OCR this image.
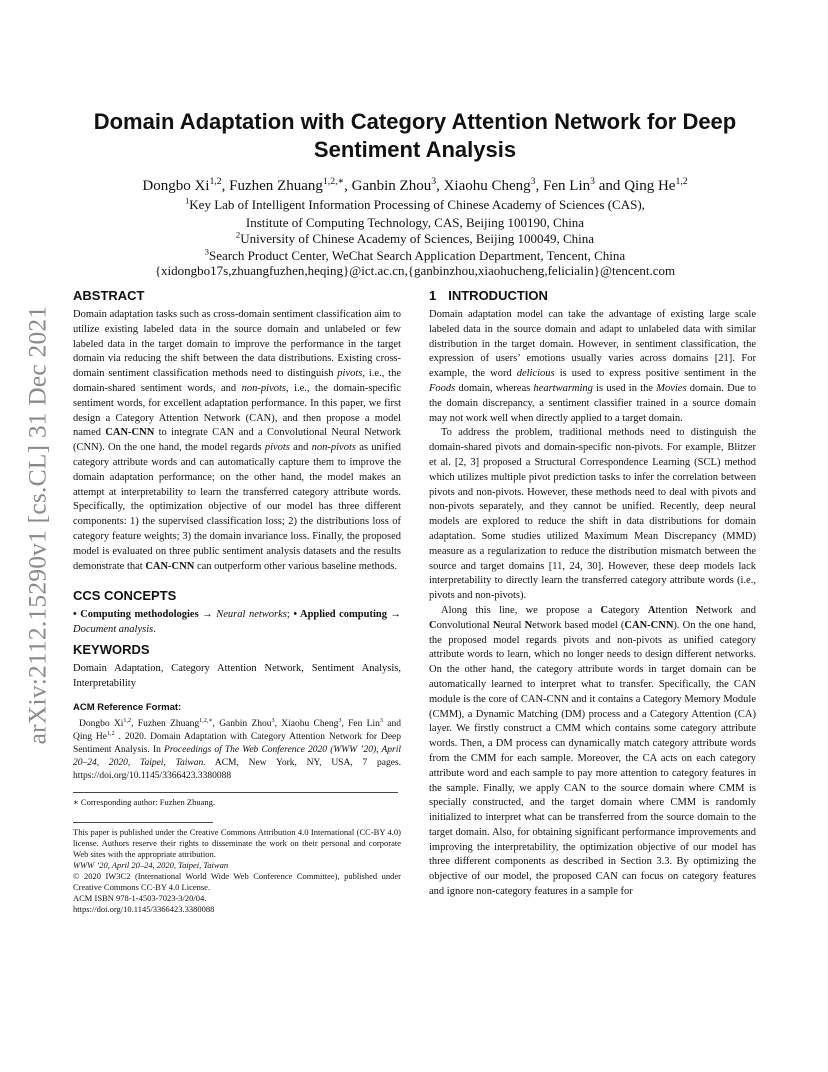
arXiv:2112.15290v1 [cs.CL] 31 Dec 2021
Domain Adaptation with Category Attention Network for Deep Sentiment Analysis
Dongbo Xi$^{1,2}$, Fuzhen Zhuang$^{1,2,∗}$, Ganbin Zhou$^3$, Xiaohu Cheng$^3$, Fen Lin$^3$ and Qing He$^{1,2}$
$^1$Key Lab of Intelligent Information Processing of Chinese Academy of Sciences (CAS),
Institute of Computing Technology, CAS, Beijing 100190, China
$^2$University of Chinese Academy of Sciences, Beijing 100049, China
$^3$Search Product Center, WeChat Search Application Department, Tencent, China
{xidongbo17s,zhuangfuzhen,heqing}@ict.ac.cn,{ganbinzhou,xiaohucheng,felicialin}@tencent.com
ABSTRACT

Domain adaptation tasks such as cross-domain sentiment classification aim to utilize existing labeled data in the source domain and unlabeled or few labeled data in the target domain to improve the performance in the target domain via reducing the shift between the data distributions. Existing cross-domain sentiment classification methods need to distinguish pivots, i.e., the domain-shared sentiment words, and non-pivots, i.e., the domain-specific sentiment words, for excellent adaptation performance. In this paper, we first design a Category Attention Network (CAN), and then propose a model named CAN-CNN to integrate CAN and a Convolutional Neural Network (CNN). On the one hand, the model regards pivots and non-pivots as unified category attribute words and can automatically capture them to improve the domain adaptation performance; on the other hand, the model makes an attempt at interpretability to learn the transferred category attribute words. Specifically, the optimization objective of our model has three different components: 1) the supervised classification loss; 2) the distributions loss of category feature weights; 3) the domain invariance loss. Finally, the proposed model is evaluated on three public sentiment analysis datasets and the results demonstrate that CAN-CNN can outperform other various baseline methods.

CCS CONCEPTS

• Computing methodologies → Neural networks; • Applied computing → Document analysis.

KEYWORDS

Domain Adaptation, Category Attention Network, Sentiment Analysis, Interpretability

ACM Reference Format:

Dongbo Xi$^{1,2}$, Fuzhen Zhuang$^{1,2,∗}$, Ganbin Zhou$^3$, Xiaohu Cheng$^3$, Fen Lin$^3$ and Qing He$^{1,2}$ . 2020. Domain Adaptation with Category Attention Network for Deep Sentiment Analysis. In Proceedings of The Web Conference 2020 (WWW ’20), April 20–24, 2020, Taipei, Taiwan. ACM, New York, NY, USA, 7 pages. https://doi.org/10.1145/3366423.3380088

∗ Corresponding author: Fuzhen Zhuang.

This paper is published under the Creative Commons Attribution 4.0 International (CC-BY 4.0) license. Authors reserve their rights to disseminate the work on their personal and corporate Web sites with the appropriate attribution.

WWW ’20, April 20–24, 2020, Taipei, Taiwan

© 2020 IW3C2 (International World Wide Web Conference Committee), published under Creative Commons CC-BY 4.0 License.

ACM ISBN 978-1-4503-7023-3/20/04.

https://doi.org/10.1145/3366423.3380088

1 INTRODUCTION

Domain adaptation model can take the advantage of existing large scale labeled data in the source domain and adapt to unlabeled data with similar distribution in the target domain. However, in sentiment classification, the expression of users’ emotions usually varies across domains [21]. For example, the word delicious is used to express positive sentiment in the Foods domain, whereas heartwarming is used in the Movies domain. Due to the domain discrepancy, a sentiment classifier trained in a source domain may not work well when directly applied to a target domain.

To address the problem, traditional methods need to distinguish the domain-shared pivots and domain-specific non-pivots. For example, Blitzer et al. [2, 3] proposed a Structural Correspondence Learning (SCL) method which utilizes multiple pivot prediction tasks to infer the correlation between pivots and non-pivots. However, these methods need to deal with pivots and non-pivots separately, and they cannot be unified. Recently, deep neural models are explored to reduce the shift in data distributions for domain adaptation. Some studies utilized Maximum Mean Discrepancy (MMD) measure as a regularization to reduce the distribution mismatch between the source and target domains [11, 24, 30]. However, these deep models lack interpretability to directly learn the transferred category attribute words (i.e., pivots and non-pivots).

Along this line, we propose a Category Attention Network and Convolutional Neural Network based model (CAN-CNN). On the one hand, the proposed model regards pivots and non-pivots as unified category attribute words to learn, which no longer needs to design different networks. On the other hand, the category attribute words in target domain can be automatically learned to interpret what to transfer. Specifically, the CAN module is the core of CAN-CNN and it contains a Category Memory Module (CMM), a Dynamic Matching (DM) process and a Category Attention (CA) layer. We firstly construct a CMM which contains some category attribute words. Then, a DM process can dynamically match category attribute words from the CMM for each sample. Moreover, the CA acts on each category attribute word and each sample to pay more attention to category features in the sample. Finally, we apply CAN to the source domain where CMM is specially constructed, and the target domain where CMM is randomly initialized to interpret what can be transferred from the source domain to the target domain. Also, for obtaining significant performance improvements and improving the interpretability, the optimization objective of our model has three different components as described in Section 3.3. By optimizing the objective of our model, the proposed CAN can focus on category features and ignore non-category features in a sample for
